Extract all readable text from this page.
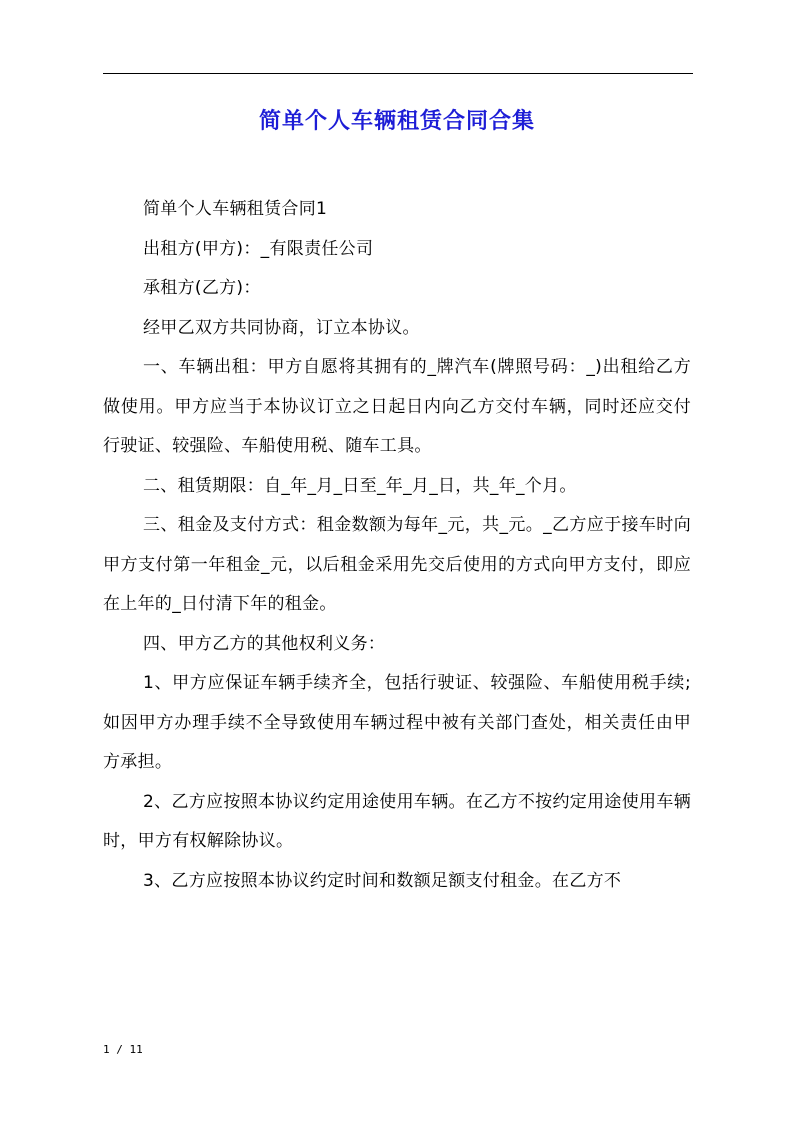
简单个人车辆租赁合同合集

简单个人车辆租赁合同1

出租方(甲方)：_有限责任公司

承租方(乙方)：

经甲乙双方共同协商，订立本协议。

一、车辆出租：甲方自愿将其拥有的_牌汽车(牌照号码：_)出租给乙方做使用。甲方应当于本协议订立之日起日内向乙方交付车辆，同时还应交付行驶证、较强险、车船使用税、随车工具。

二、租赁期限：自_年_月_日至_年_月_日，共_年_个月。

三、租金及支付方式：租金数额为每年_元，共_元。_乙方应于接车时向甲方支付第一年租金_元，以后租金采用先交后使用的方式向甲方支付，即应在上年的_日付清下年的租金。

四、甲方乙方的其他权利义务：

1、甲方应保证车辆手续齐全，包括行驶证、较强险、车船使用税手续;如因甲方办理手续不全导致使用车辆过程中被有关部门查处，相关责任由甲方承担。

2、乙方应按照本协议约定用途使用车辆。在乙方不按约定用途使用车辆时，甲方有权解除协议。

3、乙方应按照本协议约定时间和数额足额支付租金。在乙方不

1 / 11
